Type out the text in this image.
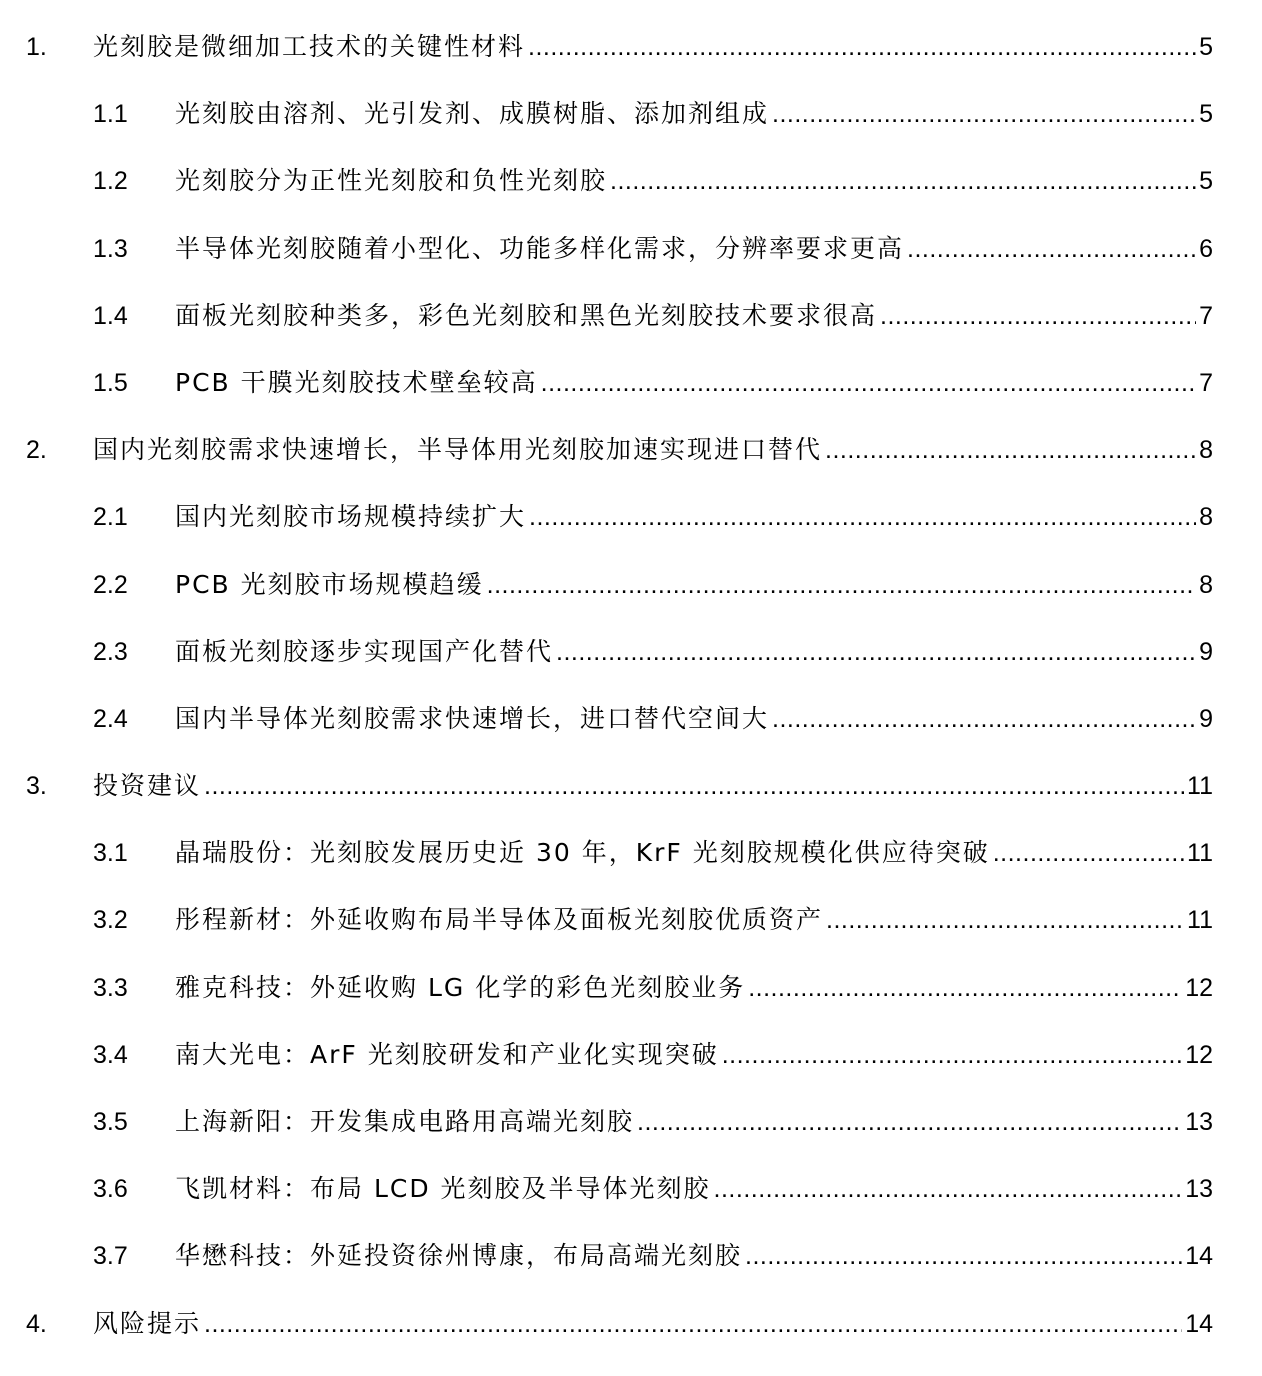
1.	光刻胶是微细加工技术的关键性材料 .....	5
1.1	光刻胶由溶剂、光引发剂、成膜树脂、添加剂组成 .....	5
1.2	光刻胶分为正性光刻胶和负性光刻胶 .....	5
1.3	半导体光刻胶随着小型化、功能多样化需求，分辨率要求更高 .....	6
1.4	面板光刻胶种类多，彩色光刻胶和黑色光刻胶技术要求很高 .....	7
1.5	PCB 干膜光刻胶技术壁垒较高 .....	7
2.	国内光刻胶需求快速增长，半导体用光刻胶加速实现进口替代 .....	8
2.1	国内光刻胶市场规模持续扩大 .....	8
2.2	PCB 光刻胶市场规模趋缓 .....	8
2.3	面板光刻胶逐步实现国产化替代 .....	9
2.4	国内半导体光刻胶需求快速增长，进口替代空间大 .....	9
3.	投资建议 .....	11
3.1	晶瑞股份：光刻胶发展历史近 30 年，KrF 光刻胶规模化供应待突破 .....	11
3.2	彤程新材：外延收购布局半导体及面板光刻胶优质资产 .....	11
3.3	雅克科技：外延收购 LG 化学的彩色光刻胶业务 .....	12
3.4	南大光电：ArF 光刻胶研发和产业化实现突破 .....	12
3.5	上海新阳：开发集成电路用高端光刻胶 .....	13
3.6	飞凯材料：布局 LCD 光刻胶及半导体光刻胶 .....	13
3.7	华懋科技：外延投资徐州博康，布局高端光刻胶 .....	14
4.	风险提示 .....	14
